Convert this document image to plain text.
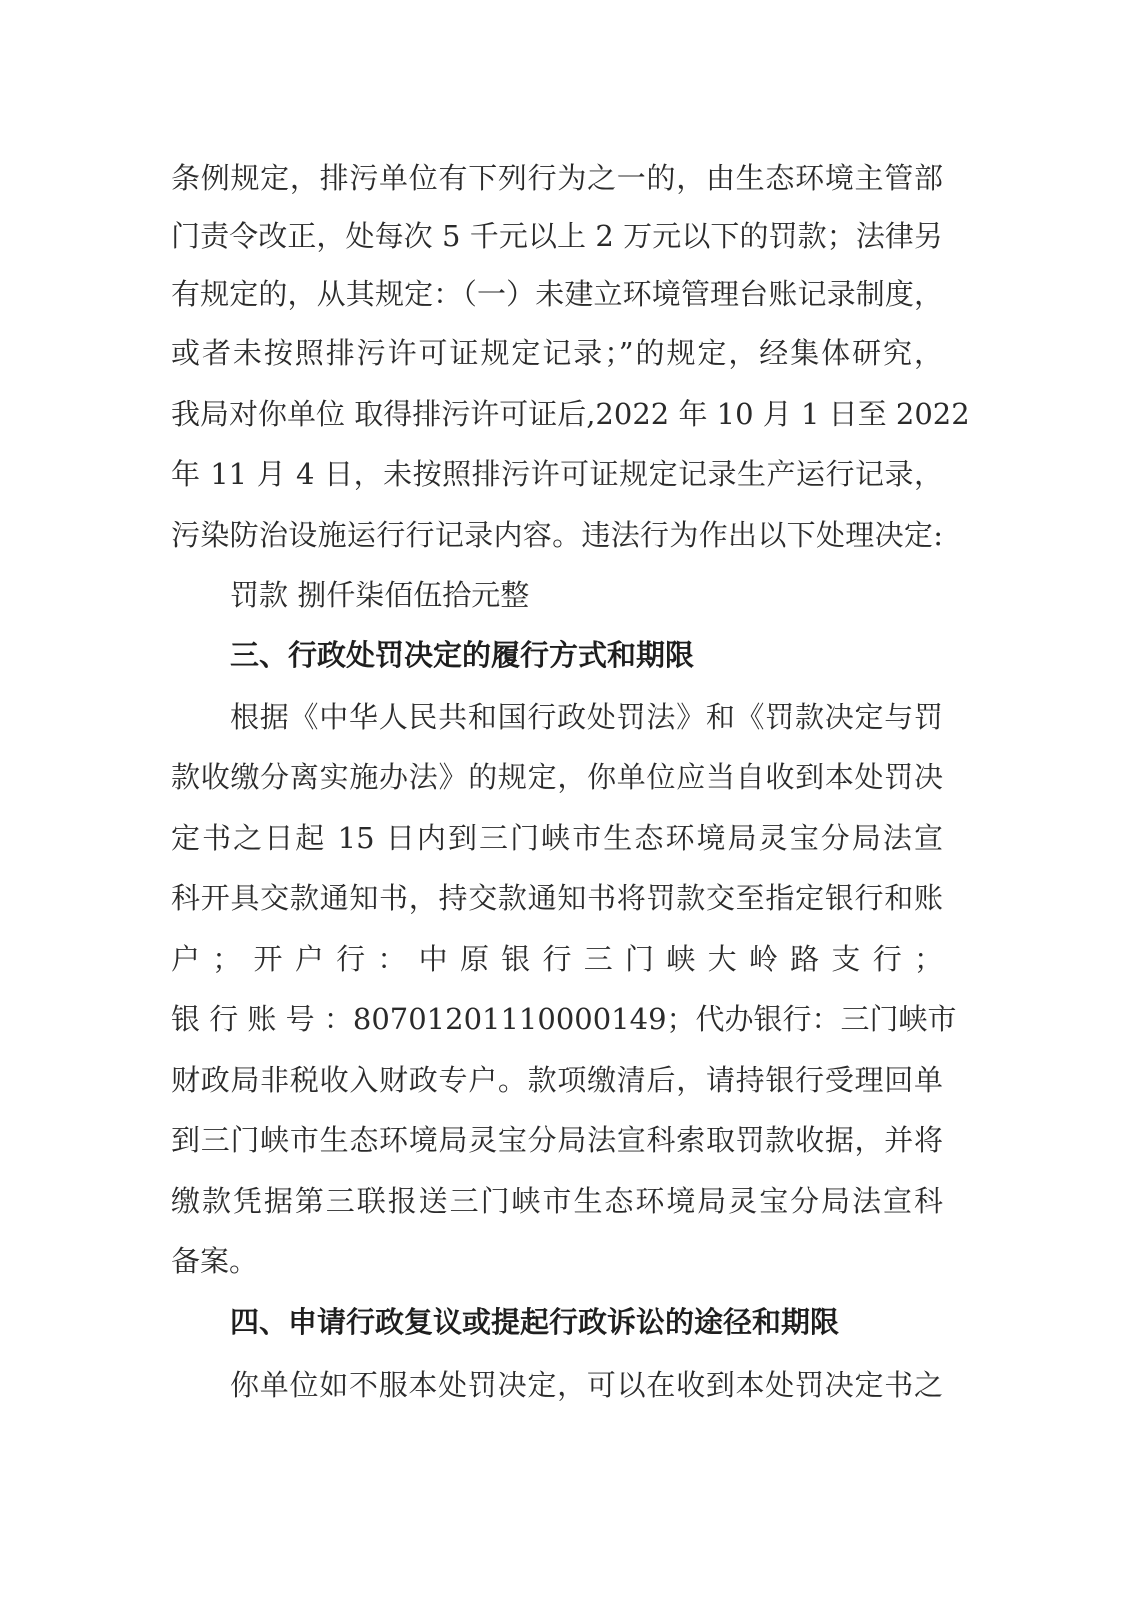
条例规定，排污单位有下列行为之一的，由生态环境主管部

门责令改正，处每次 5 千元以上 2 万元以下的罚款；法律另

有规定的，从其规定：（一）未建立环境管理台账记录制度，

或者未按照排污许可证规定记录；”的规定，经集体研究，

我局对你单位 取得排污许可证后,2022 年 10 月 1 日至 2022

年 11 月 4 日，未按照排污许可证规定记录生产运行记录，

污染防治设施运行行记录内容。违法行为作出以下处理决定:

罚款 捌仟柒佰伍拾元整

三、行政处罚决定的履行方式和期限

根据《中华人民共和国行政处罚法》和《罚款决定与罚

款收缴分离实施办法》的规定，你单位应当自收到本处罚决

定书之日起 15 日内到三门峡市生态环境局灵宝分局法宣

科开具交款通知书，持交款通知书将罚款交至指定银行和账

户；开户行：中原银行三门峡大岭路支行；

银 行 账 号 ：80701201110000149；代办银行：三门峡市

财政局非税收入财政专户。款项缴清后，请持银行受理回单

到三门峡市生态环境局灵宝分局法宣科索取罚款收据，并将

缴款凭据第三联报送三门峡市生态环境局灵宝分局法宣科

备案。

四、申请行政复议或提起行政诉讼的途径和期限

你单位如不服本处罚决定，可以在收到本处罚决定书之
